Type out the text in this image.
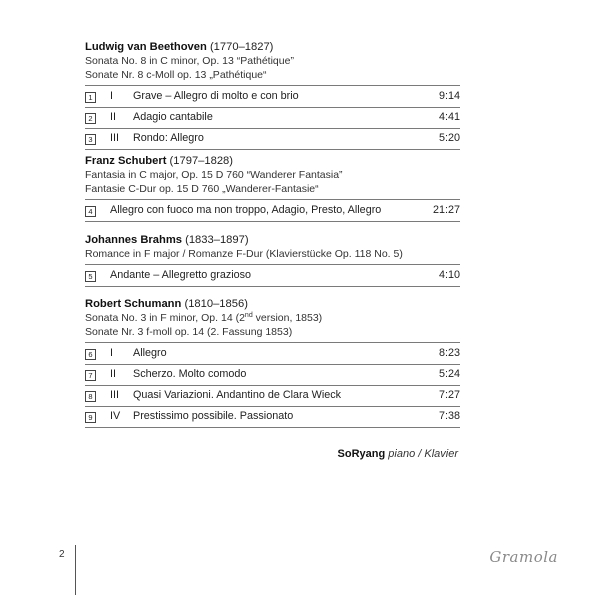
Ludwig van Beethoven (1770–1827)
Sonata No. 8 in C minor, Op. 13 “Pathétique”
Sonate Nr. 8 c-Moll op. 13 „Pathétique“
1	I Grave – Allegro di molto e con brio	9:14
2	II Adagio cantabile	4:41
3	III Rondo: Allegro	5:20
Franz Schubert (1797–1828)
Fantasia in C major, Op. 15 D 760 “Wanderer Fantasia”
Fantasie C-Dur op. 15 D 760 „Wanderer-Fantasie“
4	Allegro con fuoco ma non troppo, Adagio, Presto, Allegro	21:27
Johannes Brahms (1833–1897)
Romance in F major / Romanze F-Dur (Klavierstücke Op. 118 No. 5)
5	Andante – Allegretto grazioso	4:10
Robert Schumann (1810–1856)
Sonata No. 3 in F minor, Op. 14 (2nd version, 1853)
Sonate Nr. 3 f-moll op. 14 (2. Fassung 1853)
6	I Allegro	8:23
7	II Scherzo. Molto comodo	5:24
8	III Quasi Variazioni. Andantino de Clara Wieck	7:27
9	IV Prestissimo possibile. Passionato	7:38
SoRyang piano / Klavier
2	Gramola
